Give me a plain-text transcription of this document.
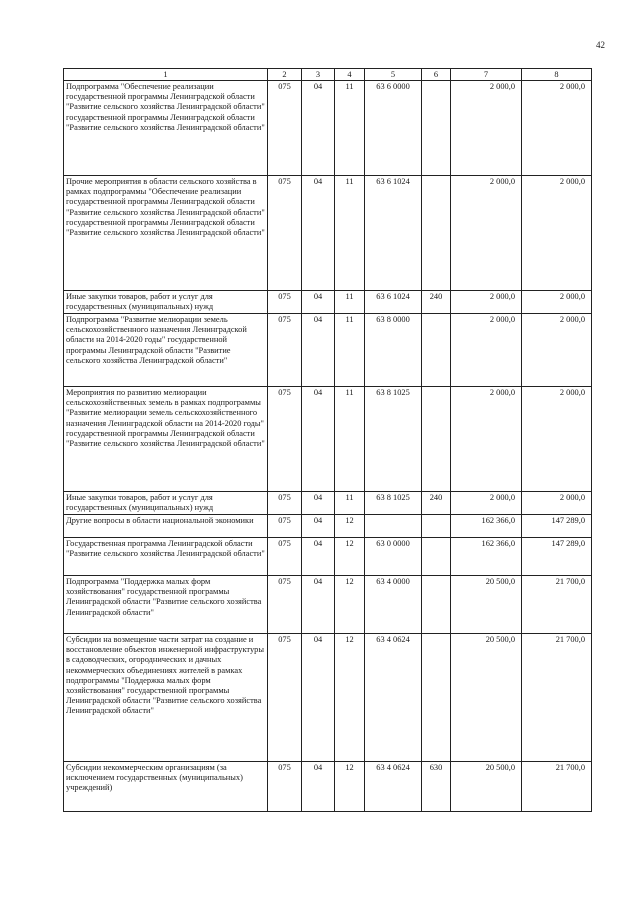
42
1	2	3	4	5	6	7	8
Подпрограмма "Обеспечение реализации государственной программы Ленинградской области "Развитие сельского хозяйства Ленинградской области" государственной программы Ленинградской области "Развитие сельского хозяйства Ленинградской области"	075	04	11	63 6 0000		2 000,0	2 000,0
Прочие мероприятия в области сельского хозяйства в рамках подпрограммы "Обеспечение реализации государственной программы Ленинградской области "Развитие сельского хозяйства Ленинградской области" государственной программы Ленинградской области "Развитие сельского хозяйства Ленинградской области"	075	04	11	63 6 1024		2 000,0	2 000,0
Иные закупки товаров, работ и услуг для государственных (муниципальных) нужд	075	04	11	63 6 1024	240	2 000,0	2 000,0
Подпрограмма "Развитие мелиорации земель сельскохозяйственного назначения Ленинградской области на 2014-2020 годы" государственной программы Ленинградской области "Развитие сельского хозяйства Ленинградской области"	075	04	11	63 8 0000		2 000,0	2 000,0
Мероприятия по развитию мелиорации сельскохозяйственных земель в рамках подпрограммы "Развитие мелиорации земель сельскохозяйственного назначения Ленинградской области на 2014-2020 годы" государственной программы Ленинградской области "Развитие сельского хозяйства Ленинградской области"	075	04	11	63 8 1025		2 000,0	2 000,0
Иные закупки товаров, работ и услуг для государственных (муниципальных) нужд	075	04	11	63 8 1025	240	2 000,0	2 000,0
Другие вопросы в области национальной экономики	075	04	12			162 366,0	147 289,0
Государственная программа Ленинградской области "Развитие сельского хозяйства Ленинградской области"	075	04	12	63 0 0000		162 366,0	147 289,0
Подпрограмма "Поддержка малых форм хозяйствования" государственной программы Ленинградской области "Развитие сельского хозяйства Ленинградской области"	075	04	12	63 4 0000		20 500,0	21 700,0
Субсидии на возмещение части затрат на создание и восстановление объектов инженерной инфраструктуры в садоводческих, огороднических и дачных некоммерческих объединениях жителей в рамках подпрограммы "Поддержка малых форм хозяйствования" государственной программы Ленинградской области "Развитие сельского хозяйства Ленинградской области"	075	04	12	63 4 0624		20 500,0	21 700,0
Субсидии некоммерческим организациям (за исключением государственных (муниципальных) учреждений)	075	04	12	63 4 0624	630	20 500,0	21 700,0
